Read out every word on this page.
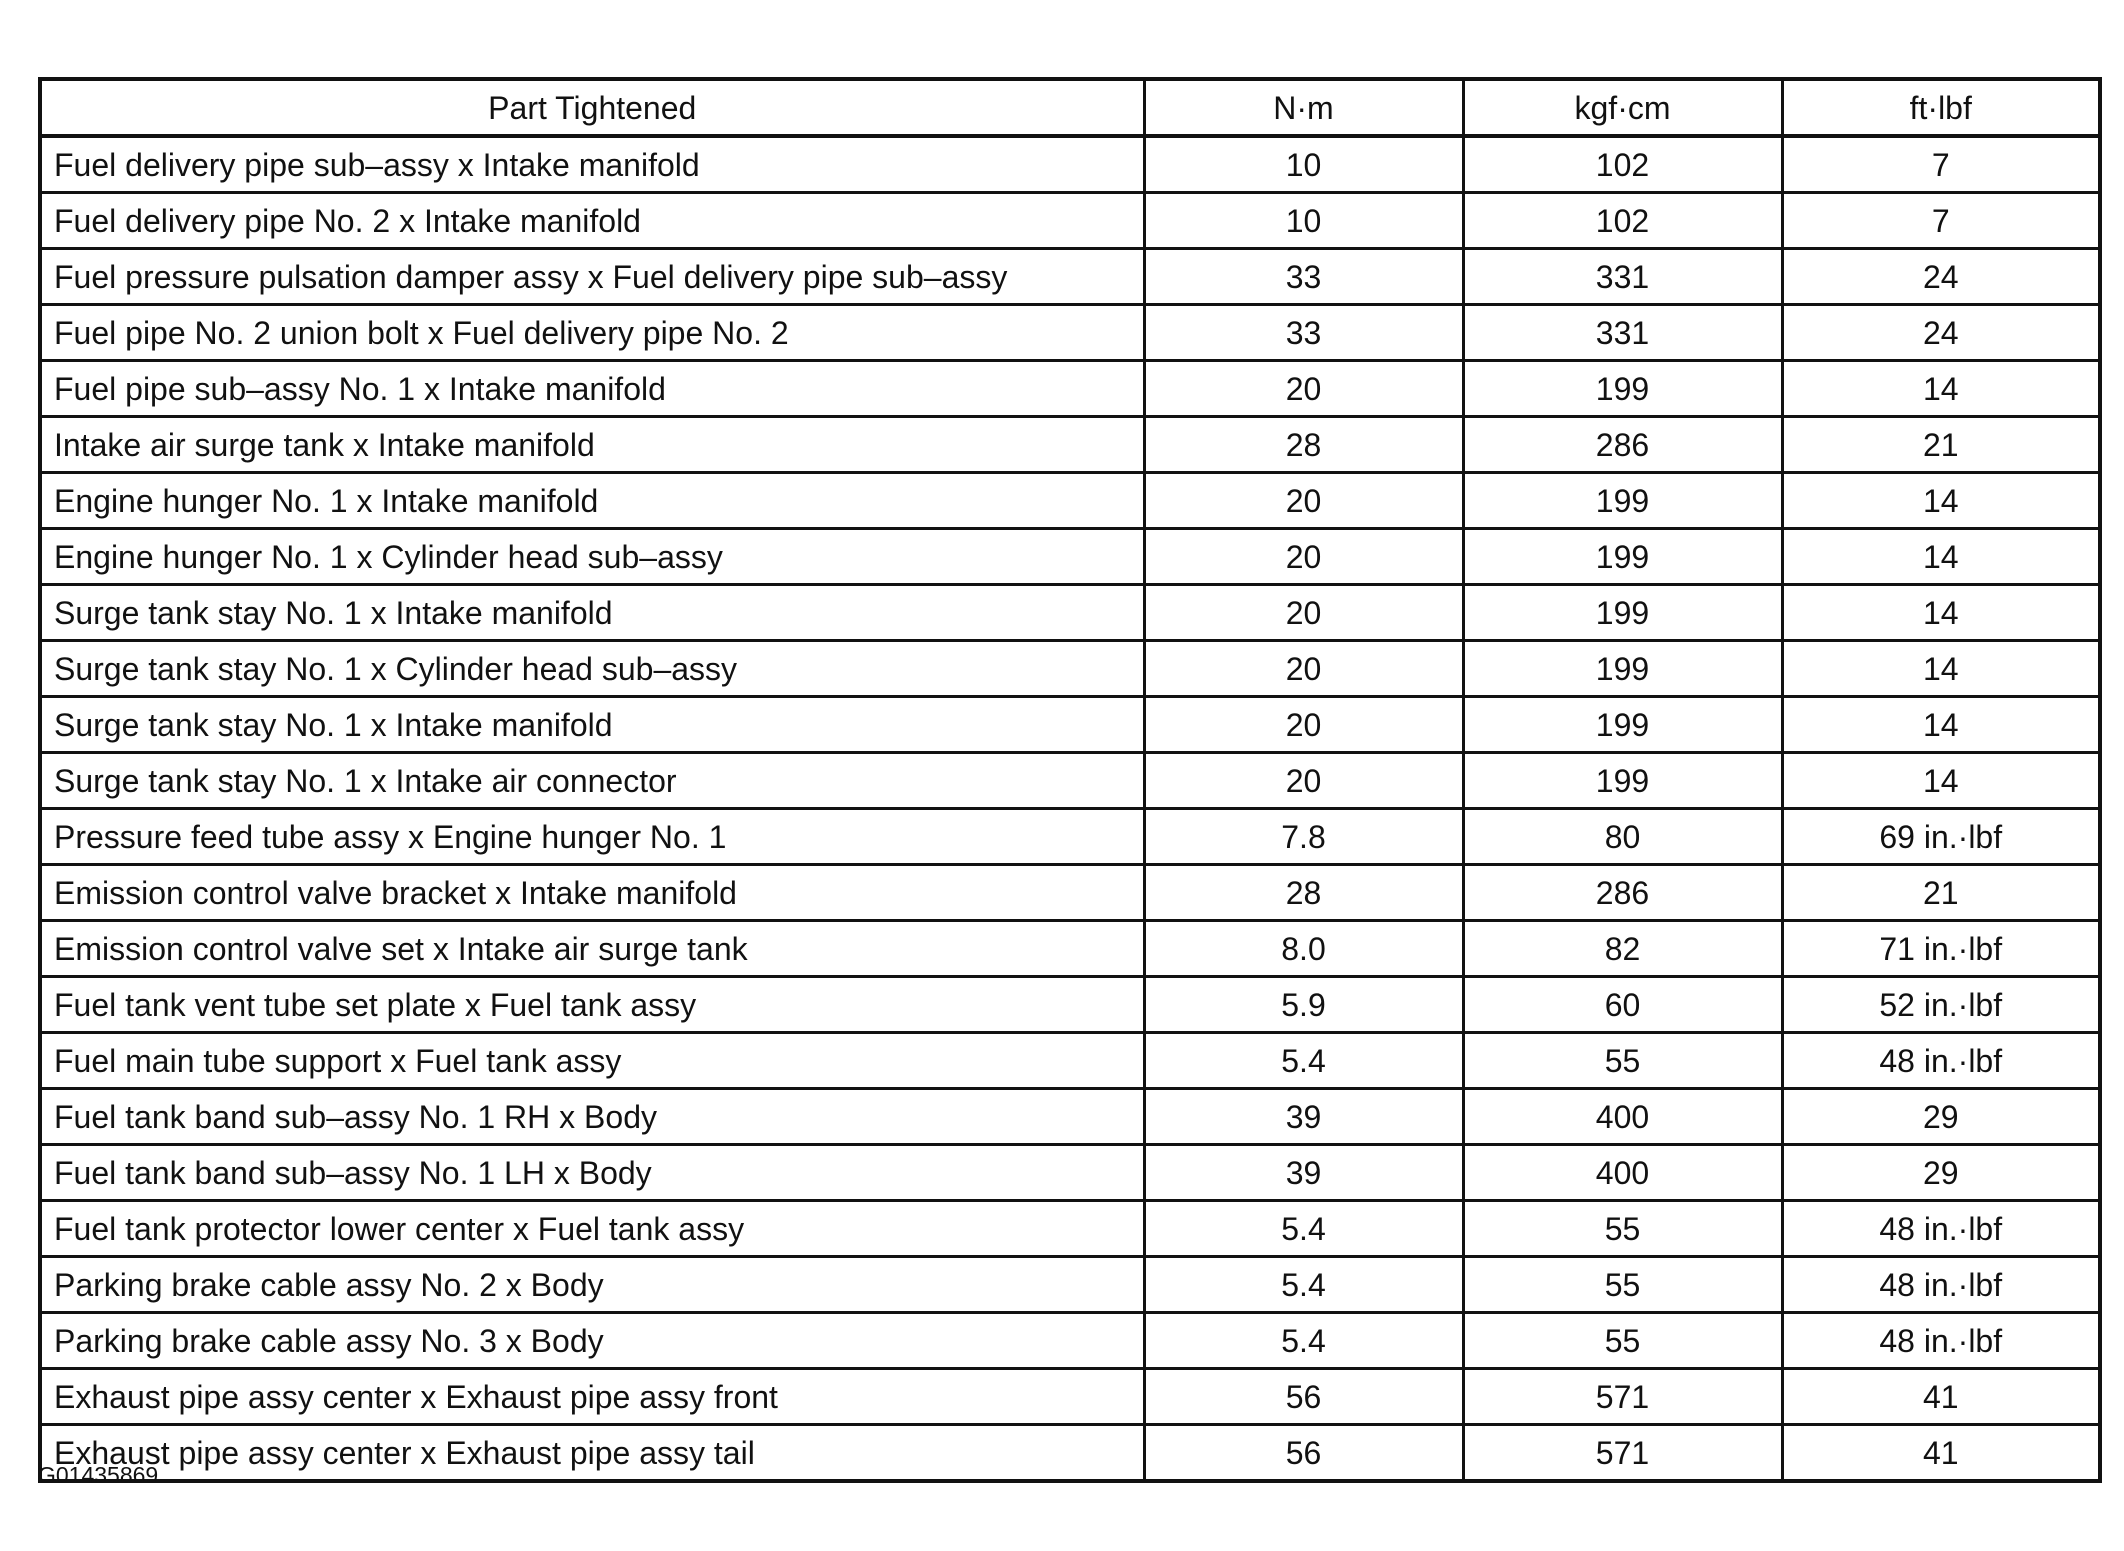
Part Tightened	N·m	kgf·cm	ft·lbf
Fuel delivery pipe sub–assy x Intake manifold	10	102	7
Fuel delivery pipe No. 2 x Intake manifold	10	102	7
Fuel pressure pulsation damper assy x Fuel delivery pipe sub–assy	33	331	24
Fuel pipe No. 2 union bolt x Fuel delivery pipe No. 2	33	331	24
Fuel pipe sub–assy No. 1 x Intake manifold	20	199	14
Intake air surge tank x Intake manifold	28	286	21
Engine hunger No. 1 x Intake manifold	20	199	14
Engine hunger No. 1 x Cylinder head sub–assy	20	199	14
Surge tank stay No. 1 x Intake manifold	20	199	14
Surge tank stay No. 1 x Cylinder head sub–assy	20	199	14
Surge tank stay No. 1 x Intake manifold	20	199	14
Surge tank stay No. 1 x Intake air connector	20	199	14
Pressure feed tube assy x Engine hunger No. 1	7.8	80	69 in.·lbf
Emission control valve bracket x Intake manifold	28	286	21
Emission control valve set x Intake air surge tank	8.0	82	71 in.·lbf
Fuel tank vent tube set plate x Fuel tank assy	5.9	60	52 in.·lbf
Fuel main tube support x Fuel tank assy	5.4	55	48 in.·lbf
Fuel tank band sub–assy No. 1 RH x Body	39	400	29
Fuel tank band sub–assy No. 1 LH x Body	39	400	29
Fuel tank protector lower center x Fuel tank assy	5.4	55	48 in.·lbf
Parking brake cable assy No. 2 x Body	5.4	55	48 in.·lbf
Parking brake cable assy No. 3 x Body	5.4	55	48 in.·lbf
Exhaust pipe assy center x Exhaust pipe assy front	56	571	41
Exhaust pipe assy center x Exhaust pipe assy tail	56	571	41
G01435869
